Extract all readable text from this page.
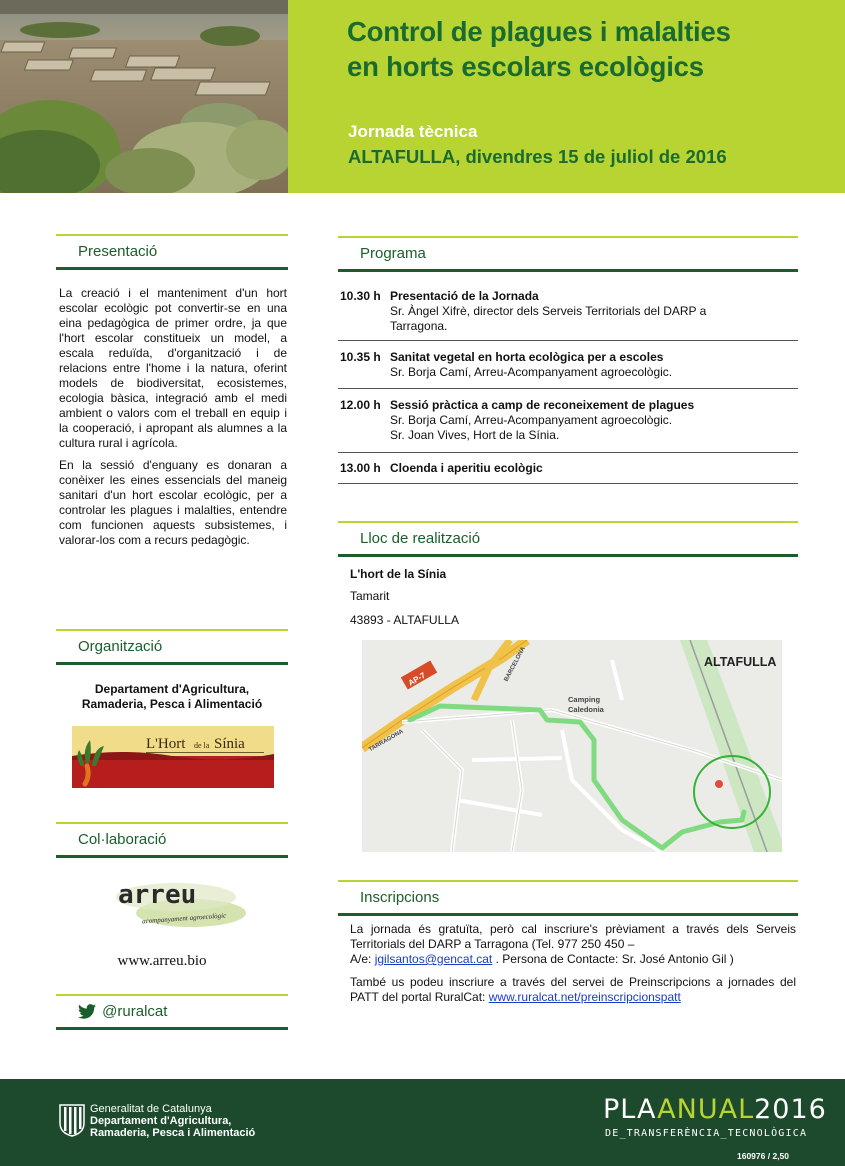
Control de plagues i malalties
en horts escolars ecològics
Jornada tècnica
ALTAFULLA, divendres 15 de juliol de 2016
Presentació

La creació i el manteniment d'un hort escolar ecològic pot convertir-se en una eina pedagògica de primer ordre, ja que l'hort escolar constitueix un model, a escala reduïda, d'organització i de relacions entre l'home i la natura, oferint models de biodiversitat, ecosistemes, ecologia bàsica, integració amb el medi ambient o valors com el treball en equip i la cooperació, i apropant als alumnes a la cultura rural i agrícola.

En la sessió d'enguany es donaran a conèixer les eines essencials del maneig sanitari d'un hort escolar ecològic, per a controlar les plagues i malalties, entendre com funcionen aquests subsistemes, i valorar-los com a recurs pedagògic.

Organització
Departament d'Agricultura,
Ramaderia, Pesca i Alimentació
L'Hort de la Sínia
Col·laboració
arreu
acompanyament agroecològic
www.arreu.bio
@ruralcat
Programa
10.30 h Presentació de la Jornada
Sr. Àngel Xifrè, director dels Serveis Territorials del DARP a
Tarragona.
10.35 h Sanitat vegetal en horta ecològica per a escoles
Sr. Borja Camí, Arreu-Acompanyament agroecològic.
12.00 h Sessió pràctica a camp de reconeixement de plagues
Sr. Borja Camí, Arreu-Acompanyament agroecològic.
Sr. Joan Vives, Hort de la Sínia.
13.00 h Cloenda i aperitiu ecològic
Lloc de realització
L'hort de la Sínia
Tamarit
43893 - ALTAFULLA
AP-7	BARCELONA
TARRAGONA
Camping
Caledonia
ALTAFULLA
Inscripcions

La jornada és gratuïta, però cal inscriure's prèviament a través dels Serveis Territorials del DARP a Tarragona (Tel. 977 250 450 –
A/e: jgilsantos@gencat.cat . Persona de Contacte: Sr. José Antonio Gil )

També us podeu inscriure a través del servei de Preinscripcions a jornades del PATT del portal RuralCat: www.ruralcat.net/preinscripcionspatt

Generalitat de Catalunya
Departament d'Agricultura,
Ramaderia, Pesca i Alimentació
PLAANUAL2016
DE_TRANSFERÈNCIA_TECNOLÒGICA
160976 / 2,50
